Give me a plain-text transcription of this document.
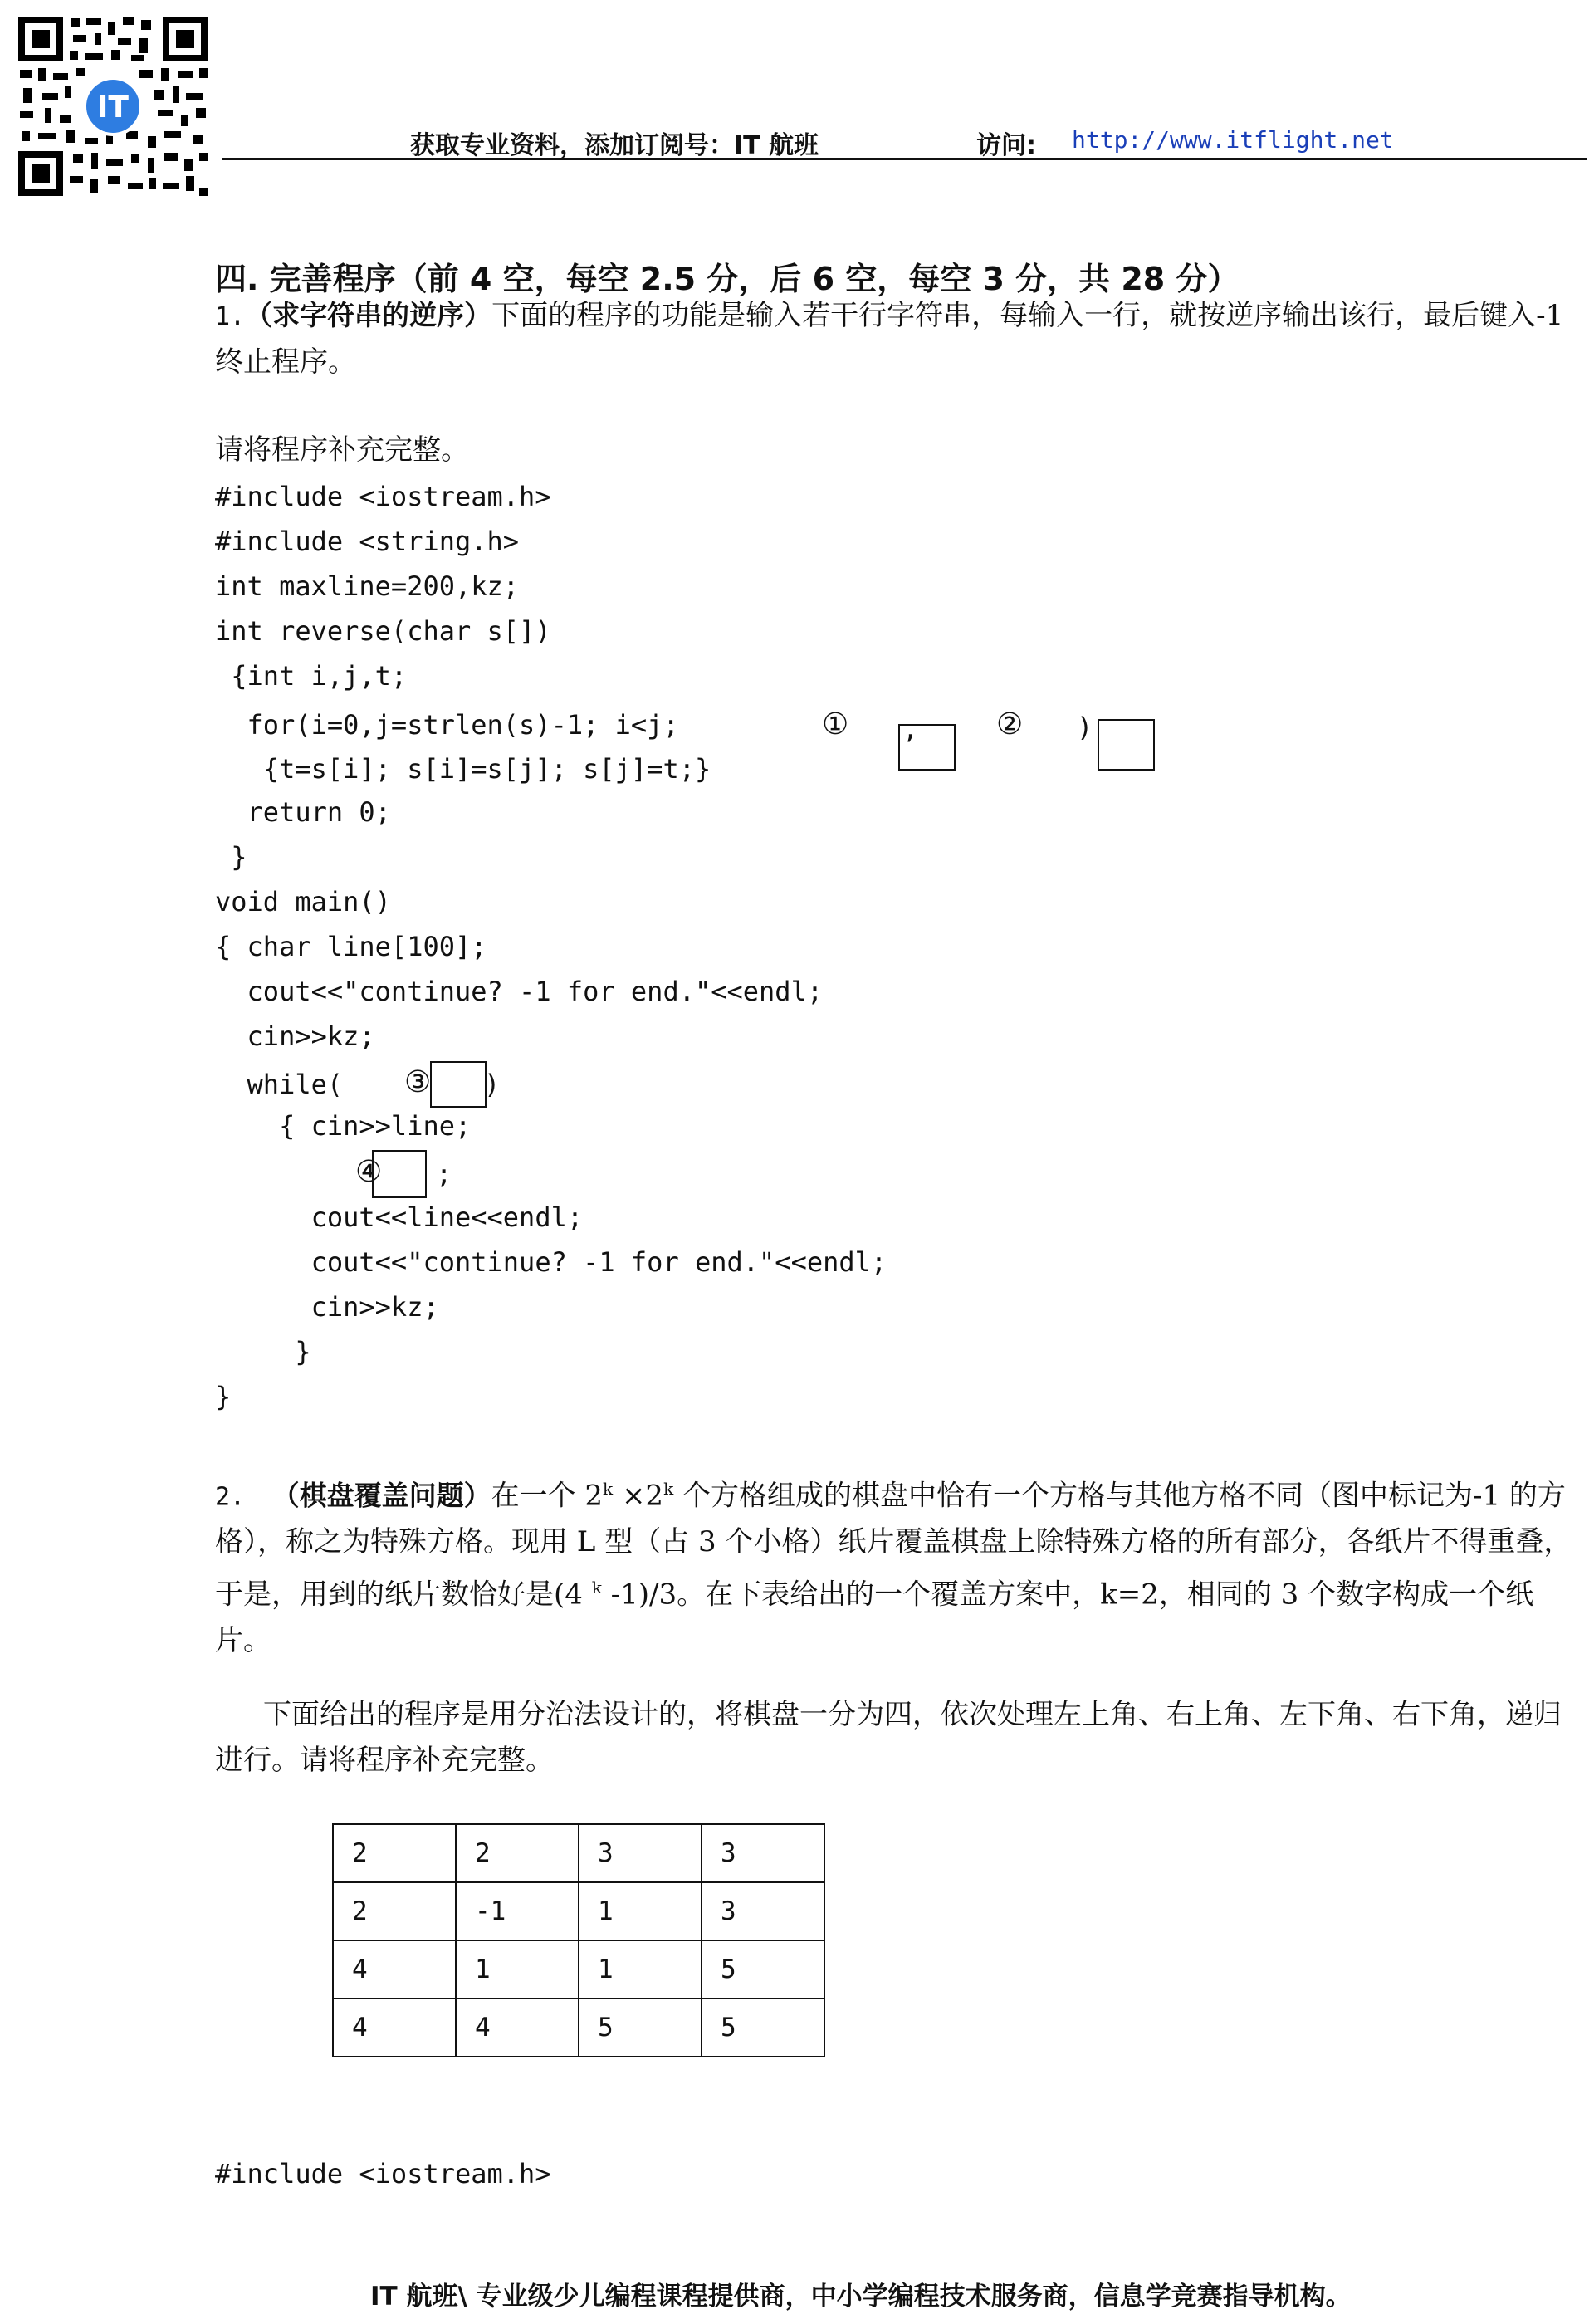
IT
获取专业资料，添加订阅号：IT 航班	访问: http://www.itflight.net
四. 完善程序（前 4 空，每空 2.5 分，后 6 空，每空 3 分，共 28 分）
1.（求字符串的逆序）下面的程序的功能是输入若干行字符串，每输入一行，就按逆序输出该行，最后键入-1 终止程序。
请将程序补充完整。
#include <iostream.h>
#include <string.h>
int maxline=200,kz;
int reverse(char s[])
{int i,j,t;
for(i=0,j=strlen(s)-1; i<j;	① ,	② )
{t=s[i]; s[i]=s[j]; s[j]=t;}
return 0;
}
void main()
{ char line[100];
cout<<"continue? -1 for end."<<endl;
cin>>kz;
while( ③ )
{ cin>>line;
④ ;
cout<<line<<endl;
cout<<"continue? -1 for end."<<endl;
cin>>kz;
}
}
2. （棋盘覆盖问题）在一个 $2^k \times 2^k$ 个方格组成的棋盘中恰有一个方格与其他方格不同（图中标记为-1 的方格），称之为特殊方格。现用 L 型（占 3 个小格）纸片覆盖棋盘上除特殊方格的所有部分，各纸片不得重叠，于是，用到的纸片数恰好是(4 $^k$ -1)/3。在下表给出的一个覆盖方案中，k=2，相同的 3 个数字构成一个纸片。
下面给出的程序是用分治法设计的，将棋盘一分为四，依次处理左上角、右上角、左下角、右下角，递归进行。请将程序补充完整。
2	2	3	3
2	-1	1	3
4	1	1	5
4	4	5	5
#include <iostream.h>
IT 航班\ 专业级少儿编程课程提供商，中小学编程技术服务商，信息学竞赛指导机构。
